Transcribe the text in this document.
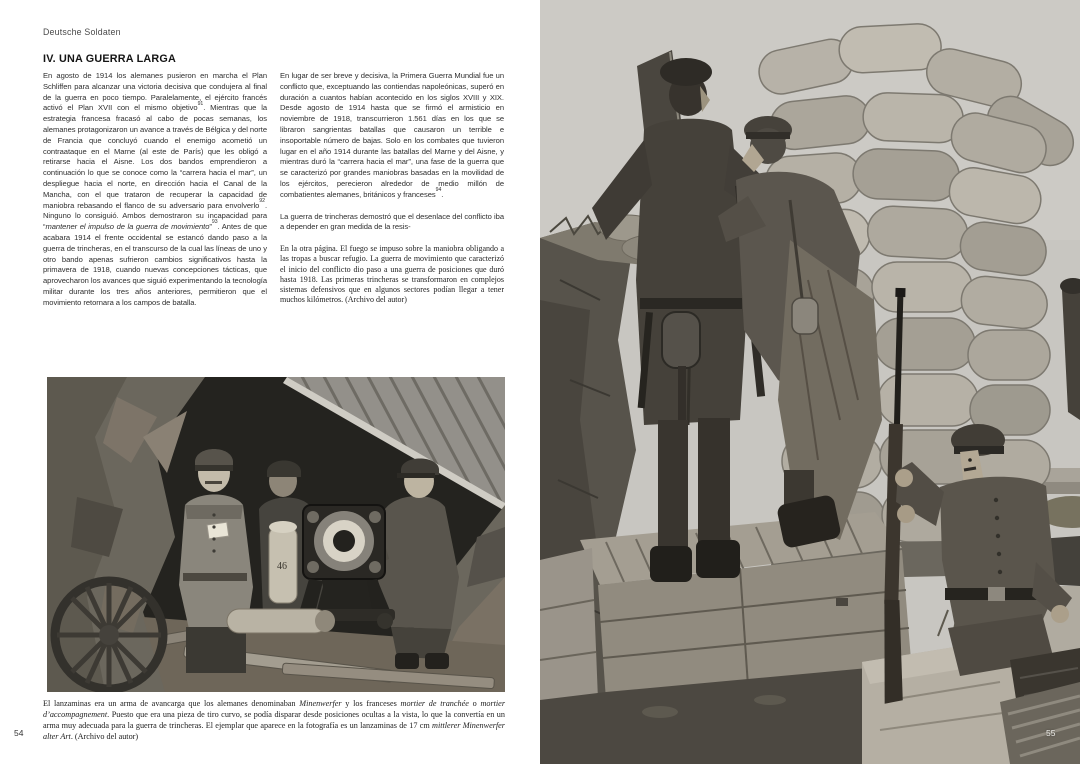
Deutsche Soldaten
IV. UNA GUERRA LARGA

En agosto de 1914 los alemanes pusieron en marcha el Plan Schliffen para alcanzar una victoria decisiva que condujera al final de la guerra en poco tiempo. Paralelamente, el ejército francés activó el Plan XVII con el mismo objetivo$^{91}$. Mientras que la estrategia francesa fracasó al cabo de pocas semanas, los alemanes protagonizaron un avance a través de Bélgica y del norte de Francia que concluyó cuando el enemigo acometió un contraataque en el Marne (al este de París) que les obligó a retirarse hacia el Aisne. Los dos bandos emprendieron a continuación lo que se conoce como la “carrera hacia el mar”, un despliegue hacia el norte, en dirección hacia el Canal de la Mancha, con el que trataron de recuperar la capacidad de maniobra rebasando el flanco de su adversario para envolverlo$^{92}$. Ninguno lo consiguió. Ambos demostraron su incapacidad para “mantener el impulso de la guerra de movimiento”$^{93}$. Antes de que acabara 1914 el frente occidental se estancó dando paso a la guerra de trincheras, en el transcurso de la cual las líneas de uno y otro bando apenas sufrieron cambios significativos hasta la primavera de 1918, cuando nuevas concepciones tácticas, que aprovecharon los avances que siguió experimentando la tecnología militar durante los tres años anteriores, permitieron que el movimiento retornara a los campos de batalla.

En lugar de ser breve y decisiva, la Primera Guerra Mundial fue un conflicto que, exceptuando las contiendas napoleónicas, superó en duración a cuantos habían acontecido en los siglos XVIII y XIX. Desde agosto de 1914 hasta que se firmó el armisticio en noviembre de 1918, transcurrieron 1.561 días en los que se libraron sangrientas batallas que causaron un terrible e insoportable número de bajas. Solo en los combates que tuvieron lugar en el año 1914 durante las batallas del Marne y del Aisne, y mientras duró la “carrera hacia el mar”, una fase de la guerra que se caracterizó por grandes maniobras basadas en la movilidad de los ejércitos, perecieron alrededor de medio millón de combatientes alemanes, británicos y franceses$^{94}$.

La guerra de trincheras demostró que el desenlace del conflicto iba a depender en gran medida de la resis-

En la otra página. El fuego se impuso sobre la maniobra obligando a las tropas a buscar refugio. La guerra de movimiento que caracterizó el inicio del conflicto dio paso a una guerra de posiciones que duró hasta 1918. Las primeras trincheras se transformaron en complejos sistemas defensivos que en algunos sectores podían llegar a tener muchos kilómetros. (Archivo del autor)

46

El lanzaminas era un arma de avancarga que los alemanes denominaban Minenwerfer y los franceses mortier de tranchée o mortier d’accompagnement. Puesto que era una pieza de tiro curvo, se podía disparar desde posiciones ocultas a la vista, lo que la convertía en un arma muy adecuada para la guerra de trincheras. El ejemplar que aparece en la fotografía es un lanzaminas de 17 cm mittlerer Minenwerfer alter Art. (Archivo del autor)

54	55
